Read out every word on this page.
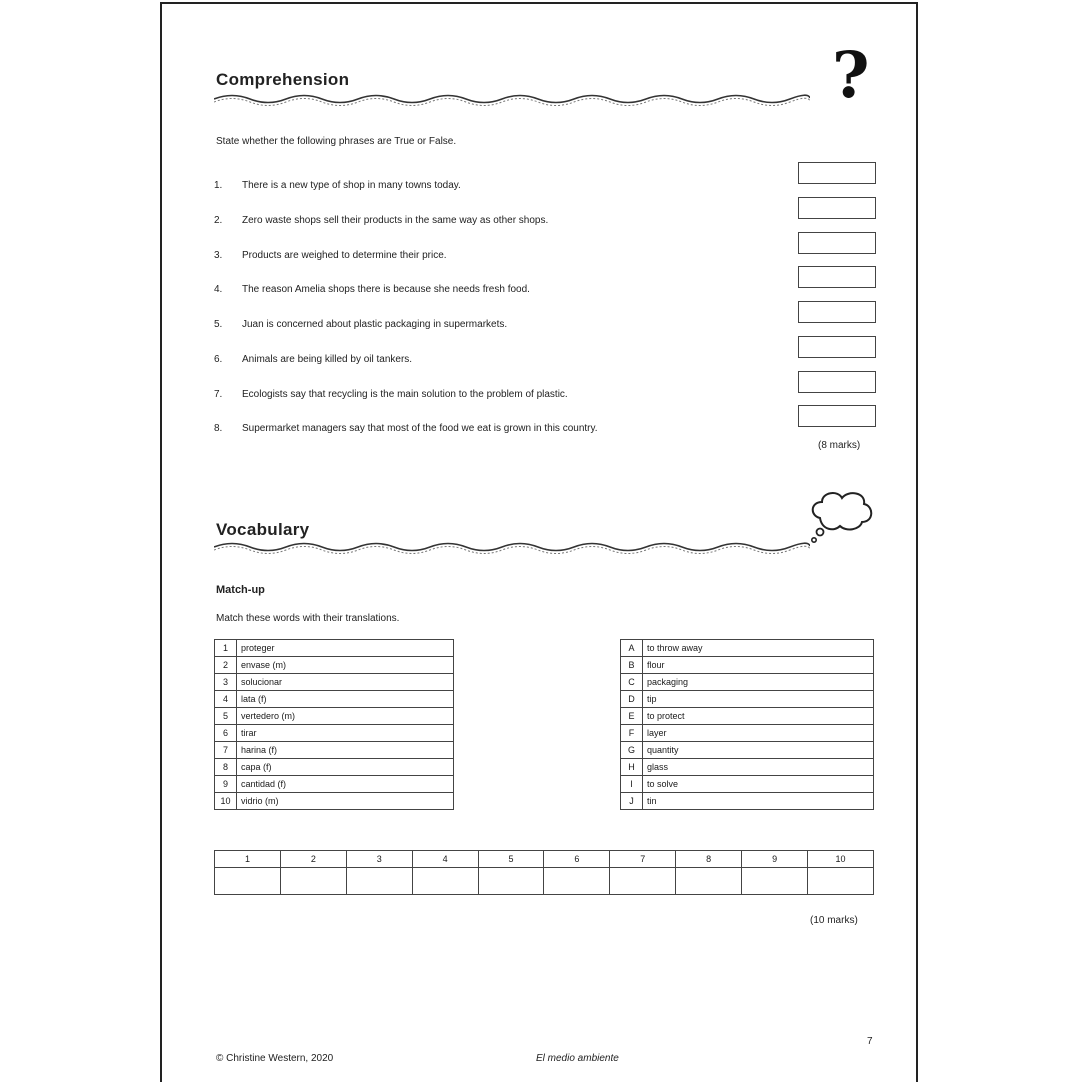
Comprehension	?
State whether the following phrases are True or False.
1.	There is a new type of shop in many towns today.
2.	Zero waste shops sell their products in the same way as other shops.
3.	Products are weighed to determine their price.
4.	The reason Amelia shops there is because she needs fresh food.
5.	Juan is concerned about plastic packaging in supermarkets.
6.	Animals are being killed by oil tankers.
7.	Ecologists say that recycling is the main solution to the problem of plastic.
8.	Supermarket managers say that most of the food we eat is grown in this country.
(8 marks)
Vocabulary
Match-up
Match these words with their translations.
1	proteger
2	envase (m)
3	solucionar
4	lata (f)
5	vertedero (m)
6	tirar
7	harina (f)
8	capa (f)
9	cantidad (f)
10	vidrio (m)
A	to throw away
B	flour
C	packaging
D	tip
E	to protect
F	layer
G	quantity
H	glass
I	to solve
J	tin
1	2	3	4	5	6	7	8	9	10

(10 marks)
7
© Christine Western, 2020	El medio ambiente
